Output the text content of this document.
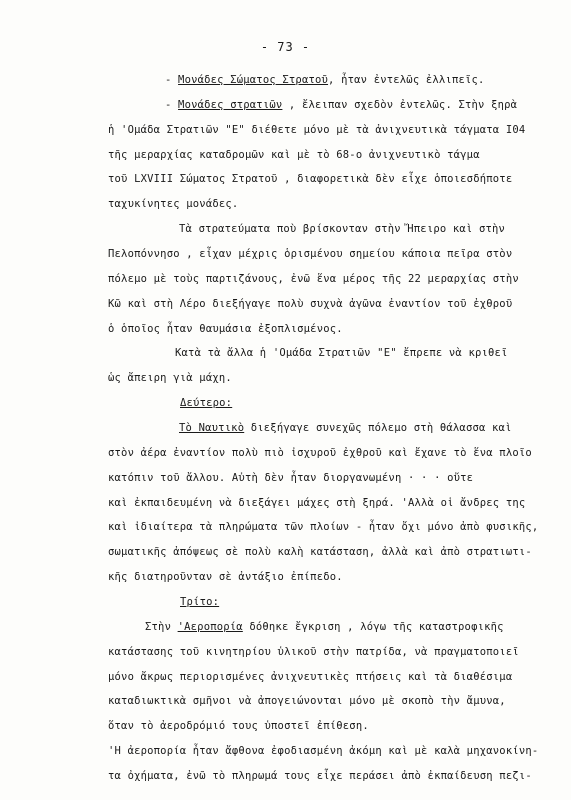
- 73 -
- Μονάδες Σώματος Στρατοῦ, ἦταν ἐντελῶς ἐλλιπεῖς.
- Μονάδες στρατιῶν , ἔλειπαν σχεδὸν ἐντελῶς. Στὴν ξηρὰ
ἡ 'Ομάδα Στρατιῶν "Ε" διέθετε μόνο μὲ τὰ ἀνιχνευτικὰ τάγματα Ι04
τῆς μεραρχίας καταδρομῶν καὶ μὲ τὸ 68-ο ἀνιχνευτικὸ τάγμα
τοῦ LXVIII Σώματος Στρατοῦ , διαφορετικὰ δὲν εἶχε ὁποιεσδήποτε
ταχυκίνητες μονάδες.
Τὰ στρατεύματα ποὺ βρίσκονταν στὴν Ἤπειρο καὶ στὴν
Πελοπόννησο , εἶχαν μέχρις ὁρισμένου σημείου κάποια πεῖρα στὸν
πόλεμο μὲ τοὺς παρτιζάνους, ἐνῶ ἕνα μέρος τῆς 22 μεραρχίας στὴν
Κῶ καὶ στὴ Λέρο διεξήγαγε πολὺ συχνὰ ἀγῶνα ἐναντίον τοῦ ἐχθροῦ
ὁ ὁποῖος ἦταν θαυμάσια ἐξοπλισμένος.
Κατὰ τὰ ἄλλα ἡ 'Ομάδα Στρατιῶν "Ε" ἔπρεπε νὰ κριθεῖ
ὡς ἄπειρη γιὰ μάχη.
Δεύτερο:
Τὸ Ναυτικὸ διεξήγαγε συνεχῶς πόλεμο στὴ θάλασσα καὶ
στὸν ἀέρα ἐναντίον πολὺ πιὸ ἰσχυροῦ ἐχθροῦ καὶ ἔχανε τὸ ἕνα πλοῖο
κατόπιν τοῦ ἄλλου. Αὐτὴ δὲν ἦταν διοργανωμένη · · · οὔτε
καὶ ἐκπαιδευμένη νὰ διεξάγει μάχες στὴ ξηρά. 'Αλλὰ οἱ ἄνδρες της
καὶ ἰδιαίτερα τὰ πληρώματα τῶν πλοίων - ἦταν ὄχι μόνο ἀπὸ φυσικῆς,
σωματικῆς ἀπόψεως σὲ πολὺ καλὴ κατάσταση, ἀλλὰ καὶ ἀπὸ στρατιωτι-
κῆς διατηροῦνταν σὲ ἀντάξιο ἐπίπεδο.
Τρίτο:
Στὴν 'Αεροπορία δόθηκε ἔγκριση , λόγω τῆς καταστροφικῆς
κατάστασης τοῦ κινητηρίου ὑλικοῦ στὴν πατρίδα, νὰ πραγματοποιεῖ
μόνο ἄκρως περιορισμένες ἀνιχνευτικὲς πτήσεις καὶ τὰ διαθέσιμα
καταδιωκτικὰ σμῆνοι νὰ ἀπογειώνονται μόνο μὲ σκοπὸ τὴν ἄμυνα,
ὅταν τὸ ἀεροδρόμιό τους ὑποστεῖ ἐπίθεση.
'Η ἀεροπορία ἦταν ἄφθονα ἐφοδιασμένη ἀκόμη καὶ μὲ καλὰ μηχανοκίνη-
τα ὀχήματα, ἐνῶ τὸ πληρωμά τους εἶχε περάσει ἀπὸ ἐκπαίδευση πεζι-
